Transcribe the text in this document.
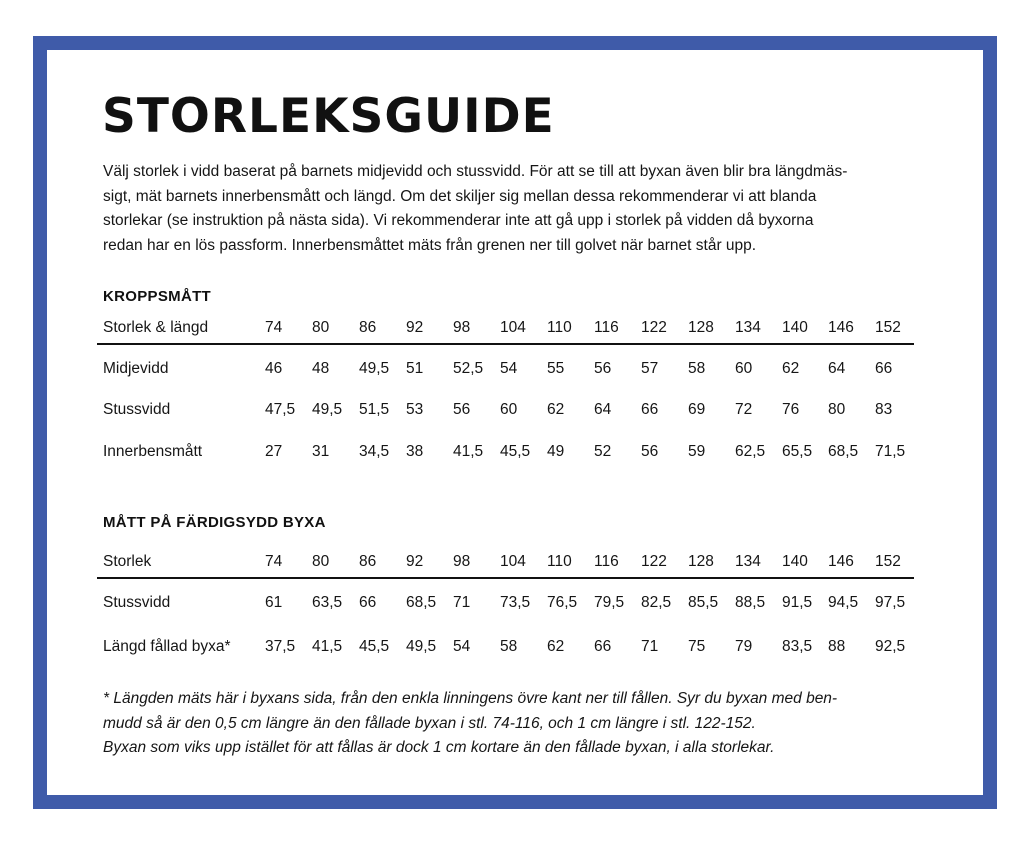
STORLEKSGUIDE
Välj storlek i vidd baserat på barnets midjevidd och stussvidd. För att se till att byxan även blir bra längdmäs-
sigt, mät barnets innerbensmått och längd. Om det skiljer sig mellan dessa rekommenderar vi att blanda
storlekar (se instruktion på nästa sida). Vi rekommenderar inte att gå upp i storlek på vidden då byxorna
redan har en lös passform. Innerbensmåttet mäts från grenen ner till golvet när barnet står upp.
KROPPSMÅTT
Storlek & längd	74 80 86 92 98 104 110 116 122 128 134 140 146 152
Midjevidd	46 48 49,5 51 52,5 54 55 56 57 58 60 62 64 66
Stussvidd	47,5 49,5 51,5 53 56 60 62 64 66 69 72 76 80 83
Innerbensmått	27 31 34,5 38 41,5 45,5 49 52 56 59 62,5 65,5 68,5 71,5
MÅTT PÅ FÄRDIGSYDD BYXA
Storlek	74 80 86 92 98 104 110 116 122 128 134 140 146 152
Stussvidd	61 63,5 66 68,5 71 73,5 76,5 79,5 82,5 85,5 88,5 91,5 94,5 97,5
Längd fållad byxa* 37,5 41,5 45,5 49,5 54 58 62 66 71 75 79 83,5 88 92,5
* Längden mäts här i byxans sida, från den enkla linningens övre kant ner till fållen. Syr du byxan med ben-
mudd så är den 0,5 cm längre än den fållade byxan i stl. 74-116, och 1 cm längre i stl. 122-152.
Byxan som viks upp istället för att fållas är dock 1 cm kortare än den fållade byxan, i alla storlekar.
